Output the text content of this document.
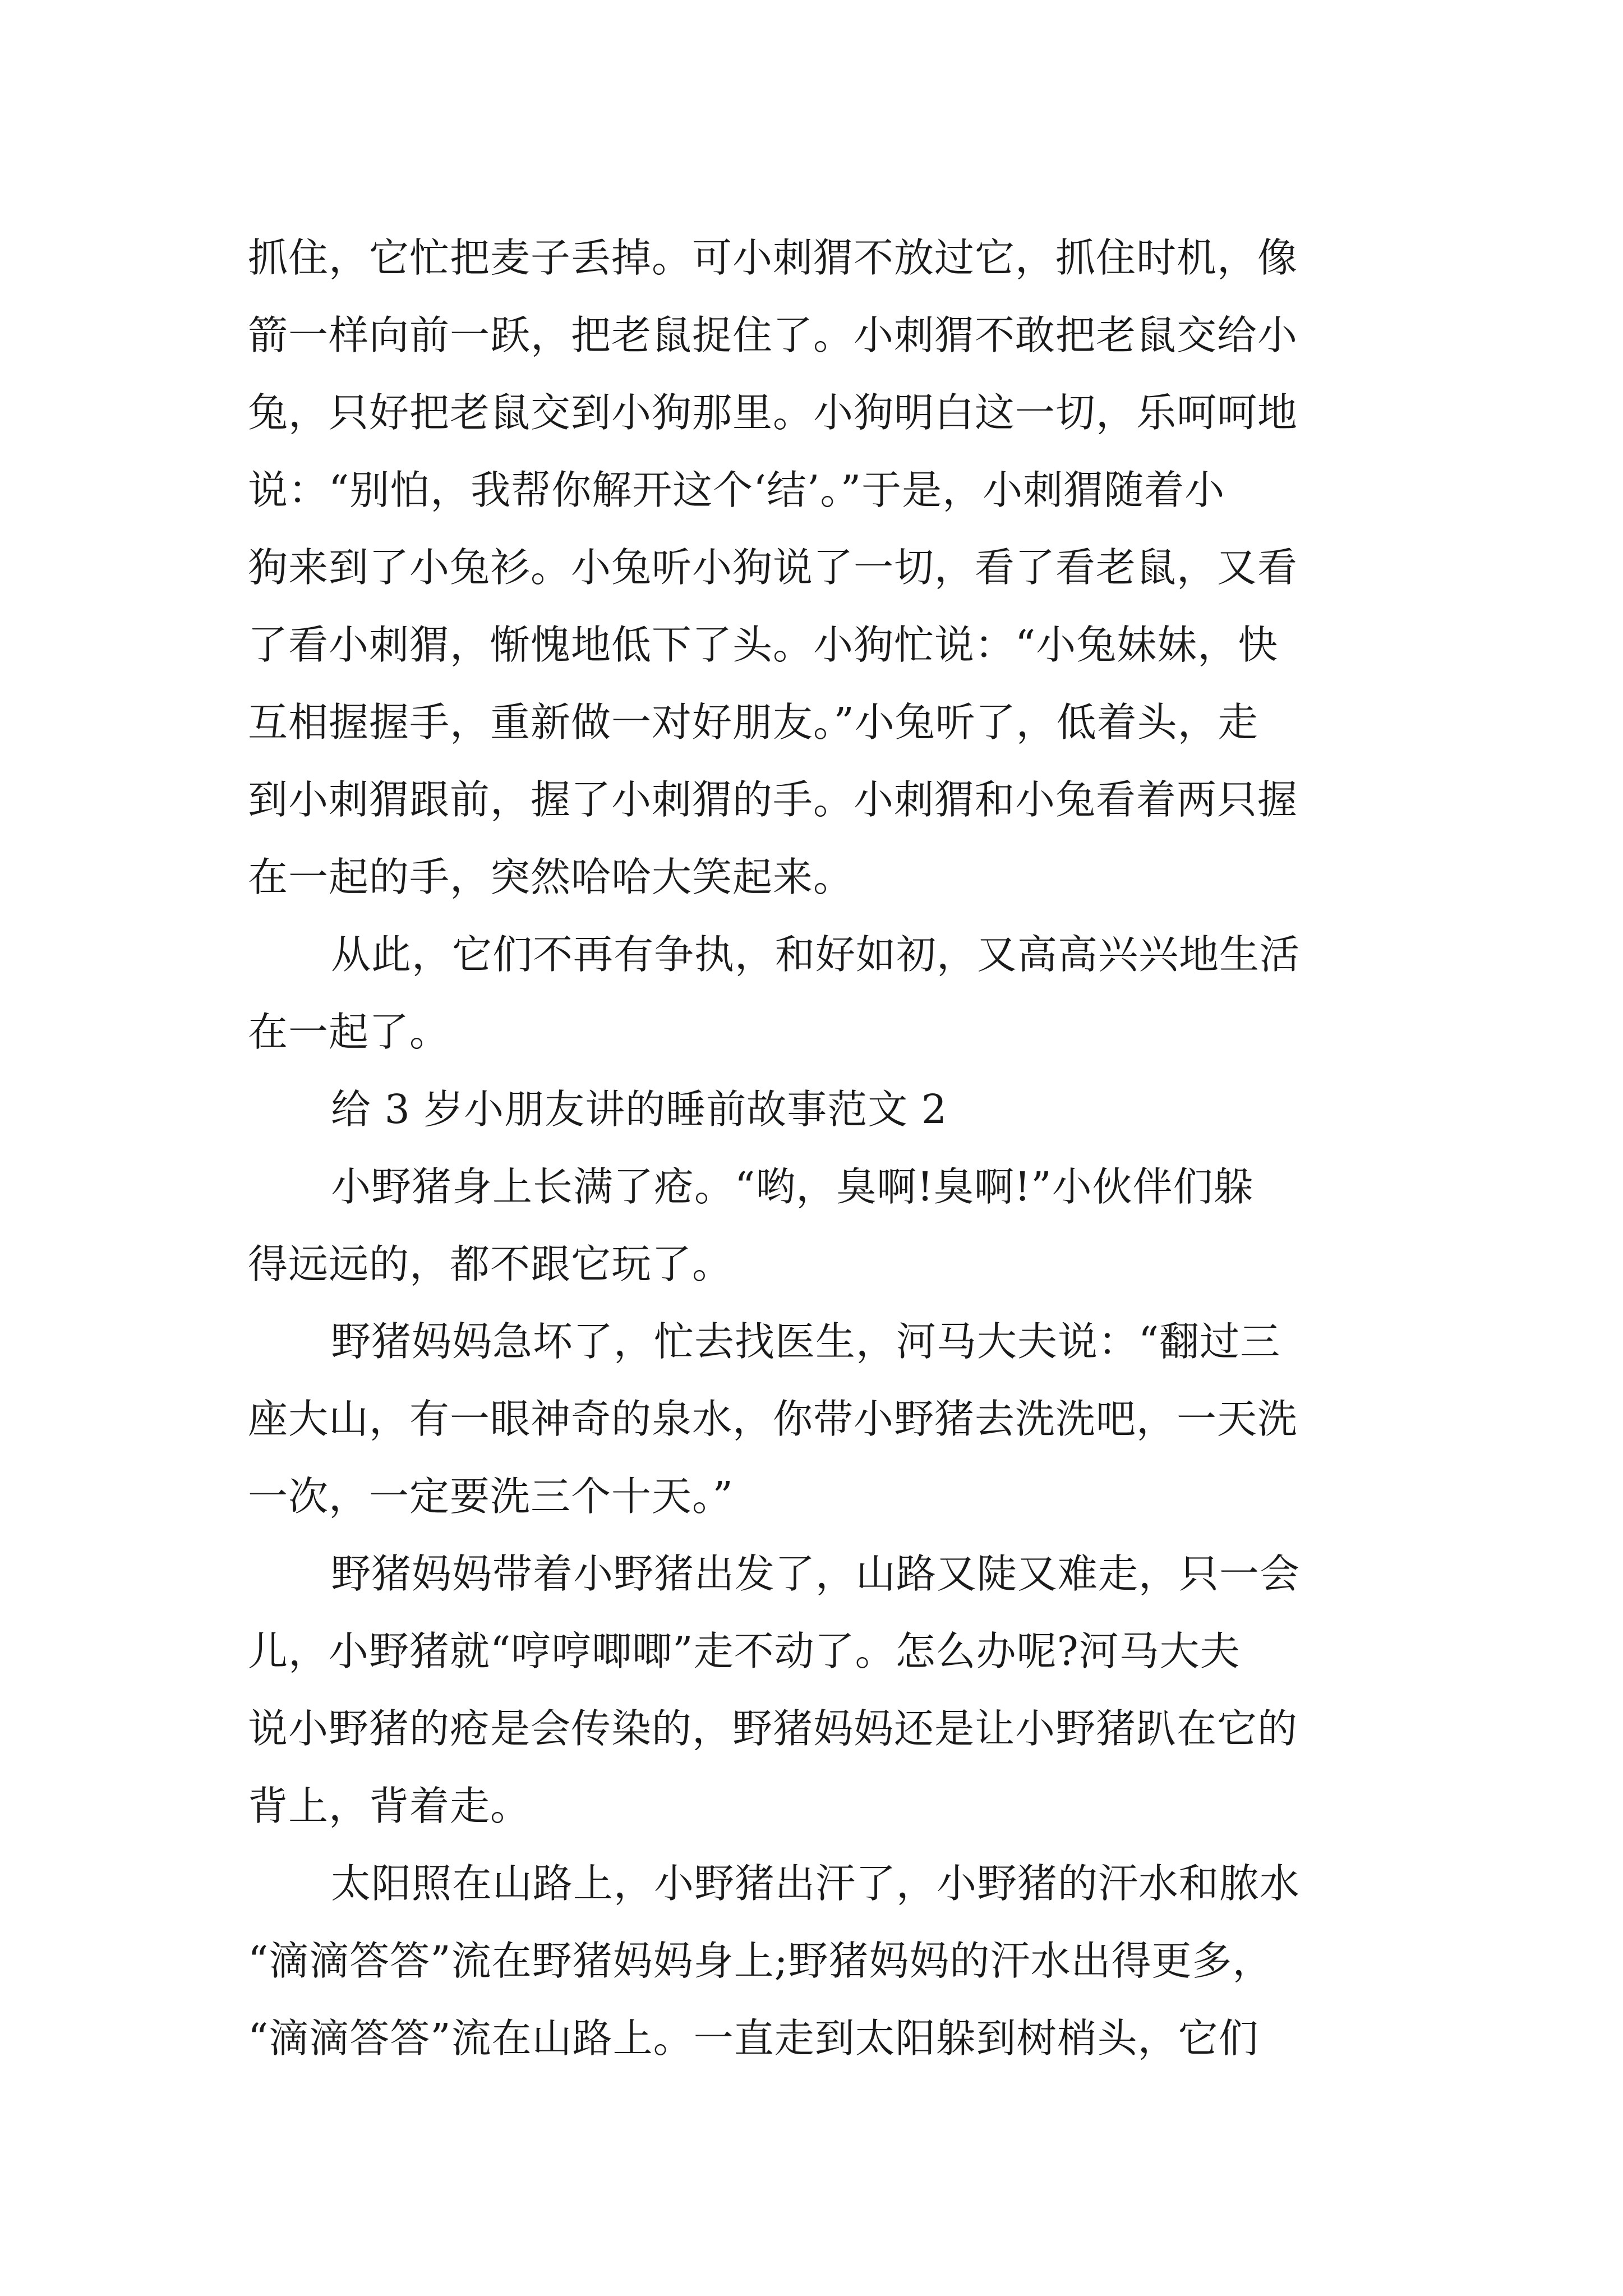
抓住，它忙把麦子丢掉。可小刺猬不放过它，抓住时机，像
箭一样向前一跃，把老鼠捉住了。小刺猬不敢把老鼠交给小
兔，只好把老鼠交到小狗那里。小狗明白这一切，乐呵呵地
说：“别怕，我帮你解开这个‘结’。”于是，小刺猬随着小
狗来到了小兔衫。小兔听小狗说了一切，看了看老鼠，又看
了看小刺猬，惭愧地低下了头。小狗忙说：“小兔妹妹，快
互相握握手，重新做一对好朋友。”小兔听了，低着头，走
到小刺猬跟前，握了小刺猬的手。小刺猬和小兔看着两只握
在一起的手，突然哈哈大笑起来。
从此，它们不再有争执，和好如初，又高高兴兴地生活
在一起了。
给 3 岁小朋友讲的睡前故事范文 2
小野猪身上长满了疮。“哟，臭啊!臭啊!”小伙伴们躲
得远远的，都不跟它玩了。
野猪妈妈急坏了，忙去找医生，河马大夫说：“翻过三
座大山，有一眼神奇的泉水，你带小野猪去洗洗吧，一天洗
一次，一定要洗三个十天。”
野猪妈妈带着小野猪出发了，山路又陡又难走，只一会
儿，小野猪就“哼哼唧唧”走不动了。怎么办呢?河马大夫
说小野猪的疮是会传染的，野猪妈妈还是让小野猪趴在它的
背上，背着走。
太阳照在山路上，小野猪出汗了，小野猪的汗水和脓水
“滴滴答答”流在野猪妈妈身上;野猪妈妈的汗水出得更多，
“滴滴答答”流在山路上。一直走到太阳躲到树梢头，它们
